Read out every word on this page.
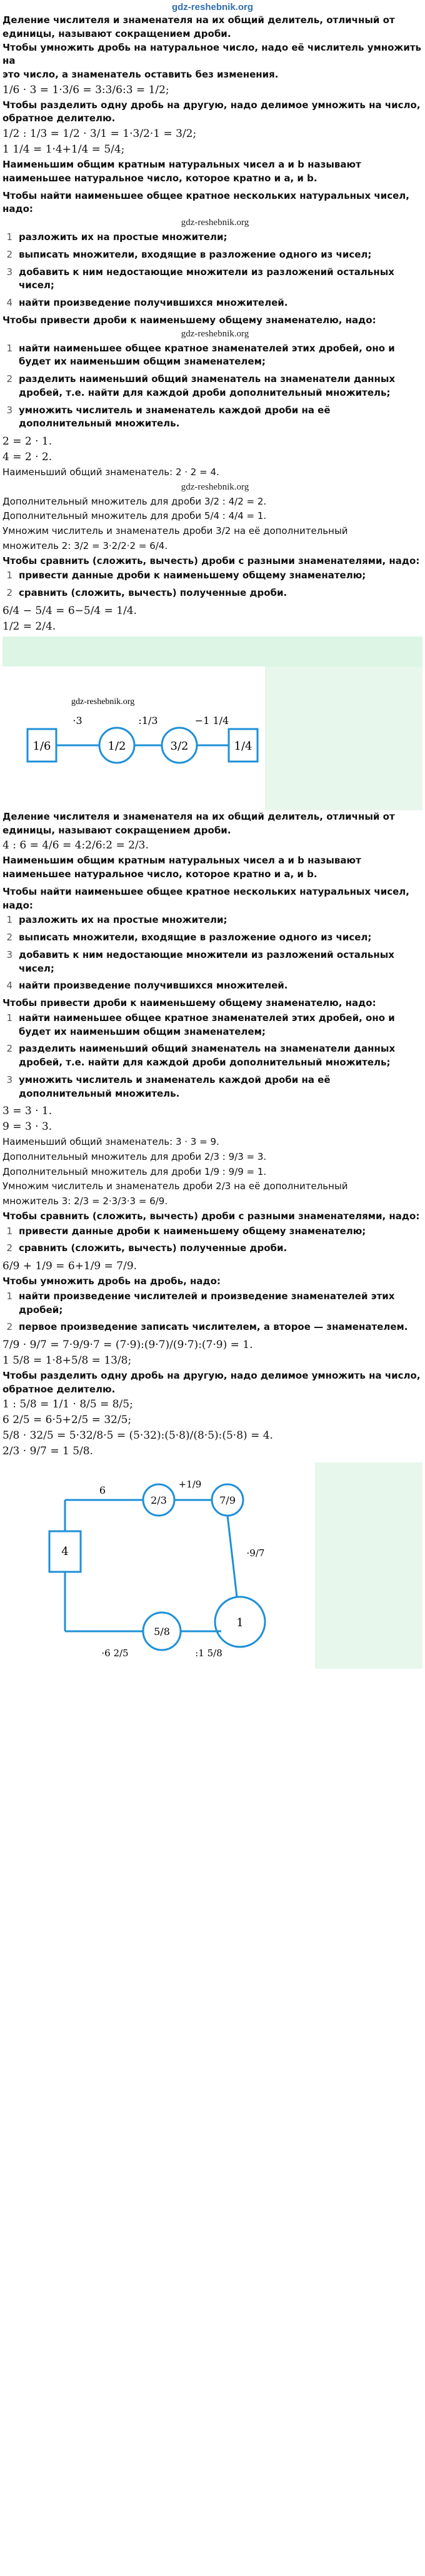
gdz-reshebnik.org
Деление числителя и знаменателя на их общий делитель, отличный от
единицы, называют сокращением дроби.
Чтобы умножить дробь на натуральное число, надо её числитель умножить на
это число, а знаменатель оставить без изменения.
1/6 · 3 = 1·3/6 = 3:3/6:3 = 1/2;
Чтобы разделить одну дробь на другую, надо делимое умножить на число,
обратное делителю.
1/2 : 1/3 = 1/2 · 3/1 = 1·3/2·1 = 3/2;
1 1/4 = 1·4+1/4 = 5/4;
Наименьшим общим кратным натуральных чисел a и b называют
наименьшее натуральное число, которое кратно и a, и b.
Чтобы найти наименьшее общее кратное нескольких натуральных чисел,
надо:
gdz-reshebnik.org
1 разложить их на простые множители;
2 выписать множители, входящие в разложение одного из чисел;
3 добавить к ним недостающие множители из разложений остальных чисел;
4 найти произведение получившихся множителей.
Чтобы привести дроби к наименьшему общему знаменателю, надо:
gdz-reshebnik.org
1 найти наименьшее общее кратное знаменателей этих дробей, оно и будет их наименьшим общим знаменателем;
2 разделить наименьший общий знаменатель на знаменатели данных дробей, т.е. найти для каждой дроби дополнительный множитель;
3 умножить числитель и знаменатель каждой дроби на её дополнительный множитель.
2 = 2 · 1.
4 = 2 · 2.
Наименьший общий знаменатель: 2 · 2 = 4.
gdz-reshebnik.org
Дополнительный множитель для дроби 3/2 : 4/2 = 2.
Дополнительный множитель для дроби 5/4 : 4/4 = 1.
Умножим числитель и знаменатель дроби 3/2 на её дополнительный
множитель 2: 3/2 = 3·2/2·2 = 6/4.
Чтобы сравнить (сложить, вычесть) дроби с разными знаменателями, надо:
1 привести данные дроби к наименьшему общему знаменателю;
2 сравнить (сложить, вычесть) полученные дроби.
6/4 − 5/4 = 6−5/4 = 1/4.
1/2 = 2/4.
1/6	1/2	3/2	1/4
·3	:1/3	−1 1/4
gdz-reshebnik.org
Деление числителя и знаменателя на их общий делитель, отличный от
единицы, называют сокращением дроби.
4 : 6 = 4/6 = 4:2/6:2 = 2/3.
Наименьшим общим кратным натуральных чисел a и b называют
наименьшее натуральное число, которое кратно и a, и b.
Чтобы найти наименьшее общее кратное нескольких натуральных чисел,
надо:
1 разложить их на простые множители;
2 выписать множители, входящие в разложение одного из чисел;
3 добавить к ним недостающие множители из разложений остальных чисел;
4 найти произведение получившихся множителей.
Чтобы привести дроби к наименьшему общему знаменателю, надо:
1 найти наименьшее общее кратное знаменателей этих дробей, оно и будет их наименьшим общим знаменателем;
2 разделить наименьший общий знаменатель на знаменатели данных дробей, т.е. найти для каждой дроби дополнительный множитель;
3 умножить числитель и знаменатель каждой дроби на её дополнительный множитель.
3 = 3 · 1.
9 = 3 · 3.
Наименьший общий знаменатель: 3 · 3 = 9.
Дополнительный множитель для дроби 2/3 : 9/3 = 3.
Дополнительный множитель для дроби 1/9 : 9/9 = 1.
Умножим числитель и знаменатель дроби 2/3 на её дополнительный
множитель 3: 2/3 = 2·3/3·3 = 6/9.
Чтобы сравнить (сложить, вычесть) дроби с разными знаменателями, надо:
1 привести данные дроби к наименьшему общему знаменателю;
2 сравнить (сложить, вычесть) полученные дроби.
6/9 + 1/9 = 6+1/9 = 7/9.
Чтобы умножить дробь на дробь, надо:
1 найти произведение числителей и произведение знаменателей этих дробей;
2 первое произведение записать числителем, а второе — знаменателем.
7/9 · 9/7 = 7·9/9·7 = (7·9):(9·7)/(9·7):(7·9) = 1.
1 5/8 = 1·8+5/8 = 13/8;
Чтобы разделить одну дробь на другую, надо делимое умножить на число,
обратное делителю.
1 : 5/8 = 1/1 · 8/5 = 8/5;
6 2/5 = 6·5+2/5 = 32/5;
5/8 · 32/5 = 5·32/8·5 = (5·32):(5·8)/(8·5):(5·8) = 4.
2/3 · 9/7 = 1 5/8.
2/3	7/9
4
5/8
1
6	+1/9
·9/7
·6 2/5	:1 5/8
